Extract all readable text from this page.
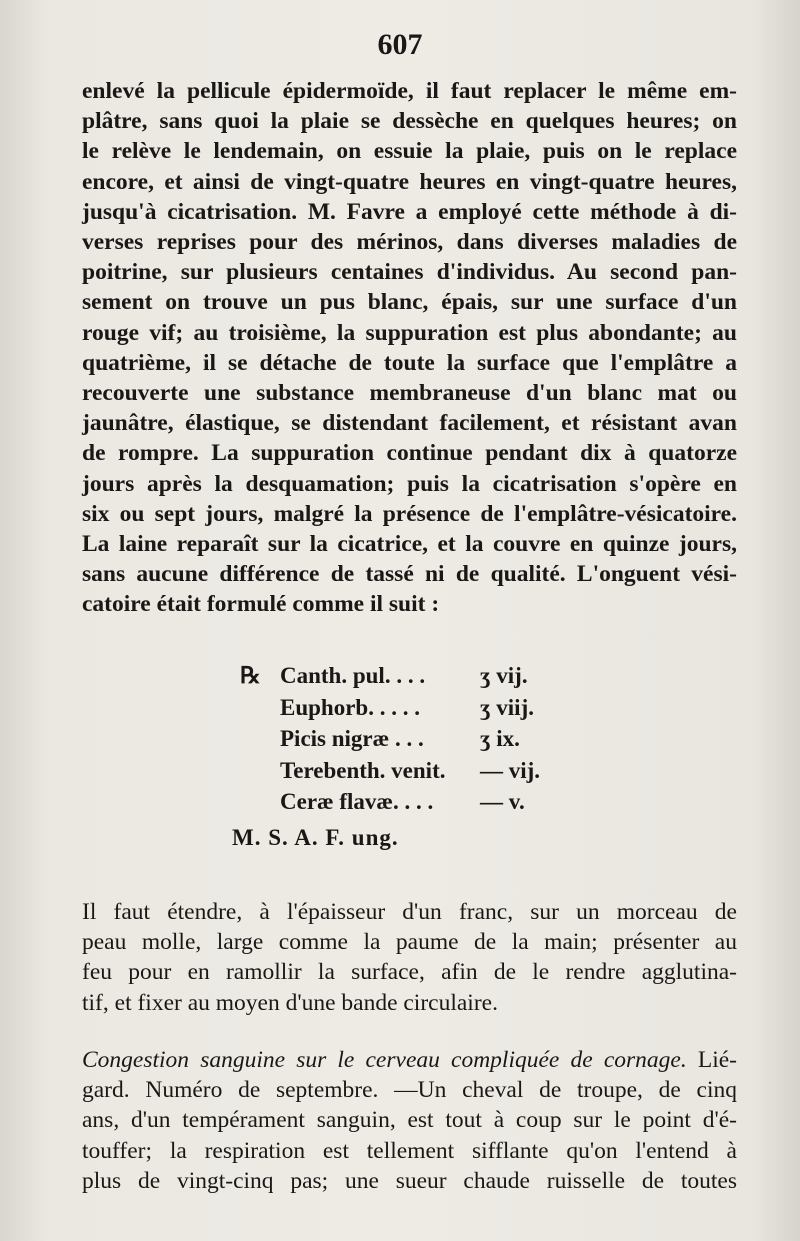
607
enlevé la pellicule épidermoïde, il faut replacer le même em-
plâtre, sans quoi la plaie se dessèche en quelques heures; on
le relève le lendemain, on essuie la plaie, puis on le replace
encore, et ainsi de vingt-quatre heures en vingt-quatre heures,
jusqu'à cicatrisation. M. Favre a employé cette méthode à di-
verses reprises pour des mérinos, dans diverses maladies de
poitrine, sur plusieurs centaines d'individus. Au second pan-
sement on trouve un pus blanc, épais, sur une surface d'un
rouge vif; au troisième, la suppuration est plus abondante; au
quatrième, il se détache de toute la surface que l'emplâtre a
recouverte une substance membraneuse d'un blanc mat ou
jaunâtre, élastique, se distendant facilement, et résistant avan
de rompre. La suppuration continue pendant dix à quatorze
jours après la desquamation; puis la cicatrisation s'opère en
six ou sept jours, malgré la présence de l'emplâtre-vésicatoire.
La laine reparaît sur la cicatrice, et la couvre en quinze jours,
sans aucune différence de tassé ni de qualité. L'onguent vési-
catoire était formulé comme il suit :
℞ Canth. pul. . . .	ʒ vij.
Euphorb. . . . .	ʒ viij.
Picis nigræ . . .	ʒ ix.
Terebenth. venit.	— vij.
Ceræ flavæ. . . .	— v.
M. S. A. F. ung.
Il faut étendre, à l'épaisseur d'un franc, sur un morceau de
peau molle, large comme la paume de la main; présenter au
feu pour en ramollir la surface, afin de le rendre agglutina-
tif, et fixer au moyen d'une bande circulaire.
Congestion sanguine sur le cerveau compliquée de cornage. Lié-
gard. Numéro de septembre. —Un cheval de troupe, de cinq
ans, d'un tempérament sanguin, est tout à coup sur le point d'é-
touffer; la respiration est tellement sifflante qu'on l'entend à
plus de vingt-cinq pas; une sueur chaude ruisselle de toutes
